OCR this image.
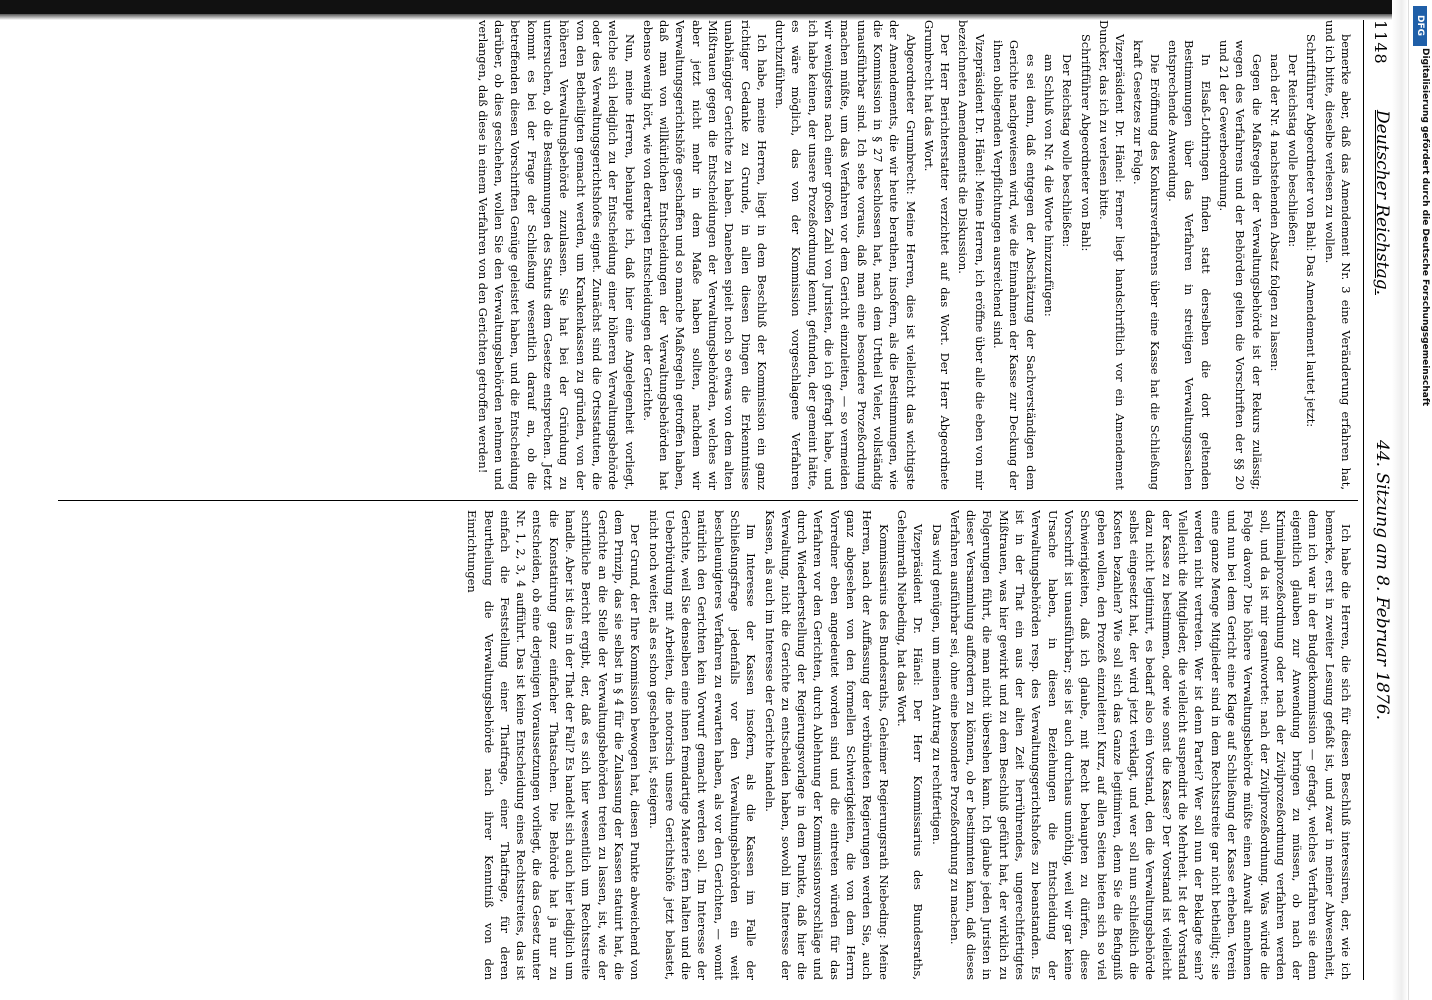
DFG
Digitalisierung gefördert durch die Deutsche Forschungsgemeinschaft
1148
Deutscher Reichstag.
44. Sitzung am 8. Februar 1876.

bemerke aber, daß das Amendement Nr. 3 eine Veränderung erfahren hat, und ich bitte, dieselbe verlesen zu wollen.

Schriftführer Abgeordneter von Bahl: Das Amendement lautet jetzt:

Der Reichstag wolle beschließen:

nach der Nr. 4 nachstehenden Absatz folgen zu lassen:

Gegen die Maßregeln der Verwaltungsbehörde ist der Rekurs zulässig; wegen des Verfahrens und der Behörden gelten die Vorschriften der §§ 20 und 21 der Gewerbeordnung.

In Elsaß-Lothringen finden statt derselben die dort geltenden Bestimmungen über das Verfahren in streitigen Verwaltungssachen entsprechende Anwendung.

Die Eröffnung des Konkursverfahrens über eine Kasse hat die Schließung kraft Gesetzes zur Folge.

Vizepräsident Dr. Hänel: Ferner liegt handschriftlich vor ein Amendement Duncker, das ich zu verlesen bitte.

Schriftführer Abgeordneter von Bahl:

Der Reichstag wolle beschließen:

am Schluß von Nr. 4 die Worte hinzuzufügen:

es sei denn, daß entgegen der Abschätzung der Sachverständigen dem Gerichte nachgewiesen wird, wie die Einnahmen der Kasse zur Deckung der ihnen obliegenden Verpflichtungen ausreichend sind.

Vizepräsident Dr. Hänel: Meine Herren, ich eröffne über alle die eben von mir bezeichneten Amendements die Diskussion.

Der Herr Berichterstatter verzichtet auf das Wort. Der Herr Abgeordnete Grumbrecht hat das Wort.

Abgeordneter Grumbrecht: Meine Herren, dies ist vielleicht das wichtigste der Amendements, die wir heute berathen, insofern, als die Bestimmungen, wie die Kommission in § 27 beschlossen hat, nach dem Urtheil Vieler, vollständig unausführbar sind. Ich sehe voraus, daß man eine besondere Prozeßordnung machen müßte, um das Verfahren vor dem Gericht einzuleiten, — so vermeiden wir wenigstens nach einer großen Zahl von Juristen, die ich gefragt habe, und ich habe keinen, der unsere Prozeßordnung kennt, gefunden, der gemeint hätte, es wäre möglich, das von der Kommission vorgeschlagene Verfahren durchzuführen.

Ich habe, meine Herren, liegt in dem Beschluß der Kommission ein ganz richtiger Gedanke zu Grunde, in allen diesen Dingen die Erkenntnisse unabhängiger Gerichte zu haben. Daneben spielt noch so etwas von dem alten Mißtrauen gegen die Entscheidungen der Verwaltungsbehörden, welches wir aber jetzt nicht mehr in dem Maße haben sollten, nachdem wir Verwaltungsgerichtshöfe geschaffen und so manche Maßregeln getroffen haben, daß man von willkürlichen Entscheidungen der Verwaltungsbehörden hat ebenso wenig hört, wie von derartigen Entscheidungen der Gerichte.

Nun, meine Herren, behaupte ich, daß hier eine Angelegenheit vorliegt, welche sich lediglich zu der Entscheidung einer höheren Verwaltungsbehörde oder des Verwaltungsgerichtshofes eignet. Zunächst sind die Ortsstatuten, die von den Betheiligten gemacht werden, um Krankenkassen zu gründen, von der höheren Verwaltungsbehörde zuzulassen. Sie hat bei der Gründung zu untersuchen, ob die Bestimmungen des Statuts dem Gesetze entsprechen. Jetzt kommt es bei der Frage der Schließung wesentlich darauf an, ob die betreffenden diesen Vorschriften Genüge geleistet haben, und die Entscheidung darüber, ob dies geschehen, wollen Sie den Verwaltungsbehörden nehmen und verlangen, daß diese in einem Verfahren von den Gerichten getroffen werden!

Ich habe die Herren, die sich für diesen Beschluß interessiren, der, wie ich bemerke, erst in zweiter Lesung gefaßt ist, und zwar in meiner Abwesenheit, denn ich war in der Budgetkommission — gefragt, welches Verfahren sie denn eigentlich glauben zur Anwendung bringen zu müssen, ob nach der Kriminalprozeßordnung oder nach der Zivilprozeßordnung verfahren werden soll, und da ist mir geantwortet: nach der Zivilprozeßordnung. Was würde die Folge davon? Die höhere Verwaltungsbehörde müßte einen Anwalt annehmen und nun bei dem Gericht eine Klage auf Schließung der Kasse erheben. Verein eine ganze Menge Mitglieder sind in dem Rechtsstreite gar nicht betheiligt; sie werden nicht vertreten. Wer ist denn Partei? Wer soll nun der Beklagte sein? Vielleicht die Mitglieder, die vielleicht suspendirt die Mehrheit. Ist der Vorstand der Kasse zu bestimmen, oder wie sonst die Kasse? Der Vorstand ist vielleicht dazu nicht legitimirt, es bedarf also ein Vorstand, den die Verwaltungsbehörde selbst eingesetzt hat, der wird jetzt verklagt, und wer soll nun schließlich die Kosten bezahlen? Wie soll sich das Ganze legitimiren, denn Sie die Befugniß geben wollen, den Prozeß einzuleiten! Kurz, auf allen Seiten bieten sich so viel Schwierigkeiten, daß ich glaube, mit Recht behaupten zu dürfen, diese Vorschrift ist unausführbar; sie ist auch durchaus unnöthig, weil wir gar keine Ursache haben, in diesen Beziehungen die Entscheidung der Verwaltungsbehörden resp. des Verwaltungsgerichtshofes zu beanstanden. Es ist in der That ein aus der alten Zeit herrührendes, ungerechtfertigtes Mißtrauen, was hier gewirkt und zu dem Beschluß geführt hat, der wirklich zu Folgerungen führt, die man nicht übersehen kann. Ich glaube jeden Juristen in dieser Versammlung auffordern zu können, ob er bestimmten kann, daß dieses Verfahren ausführbar sei, ohne eine besondere Prozeßordnung zu machen.

Das wird genügen, um meinen Antrag zu rechtfertigen.

Vizepräsident Dr. Hänel: Der Herr Kommissarius des Bundesraths, Geheimrath Niebeding, hat das Wort.

Kommissarius des Bundesraths, Geheimer Regierungsrath Niebeding: Meine Herren, nach der Auffassung der verbündeten Regierungen werden Sie, auch ganz abgesehen von den formellen Schwierigkeiten, die von dem Herrn Vorredner eben angedeutet worden sind und die eintreten würden für das Verfahren vor den Gerichten, durch Ablehnung der Kommissionsvorschläge und durch Wiederherstellung der Regierungsvorlage in dem Punkte, daß hier die Verwaltung, nicht die Gerichte zu entscheiden haben, sowohl im Interesse der Kassen, als auch im Interesse der Gerichte handeln.

Im Interesse der Kassen insofern, als die Kassen im Falle der Schließungsfrage jedenfalls vor den Verwaltungsbehörden ein weit beschleunigteres Verfahren zu erwarten haben, als vor den Gerichten, — womit natürlich den Gerichten kein Vorwurf gemacht werden soll. Im Interesse der Gerichte, weil Sie denselben eine ihnen fremdartige Materie fern halten und die Ueberbürdung mit Arbeiten, die notorisch unsere Gerichtshöfe jetzt belastet, nicht noch weiter, als es schon geschehen ist, steigern.

Der Grund, der Ihre Kommission bewogen hat, diesen Punkte abweichend von dem Prinzip, das sie selbst in § 4 für die Zulassung der Kassen statuirt hat, die Gerichte an die Stelle der Verwaltungsbehörden treten zu lassen, ist, wie der schriftliche Bericht ergibt, der, daß es sich hier wesentlich um Rechtsstreite handle. Aber ist dies in der That der Fall? Es handelt sich auch hier lediglich um die Konstatirung ganz einfacher Thatsachen. Die Behörde hat ja nur zu entscheiden, ob eine derjenigen Voraussetzungen vorliegt, die das Gesetz unter Nr. 1, 2, 3, 4 aufführt. Das ist keine Entscheidung eines Rechtsstreites, das ist einfach die Feststellung einer Thatfrage, einer Thatfrage, für deren Beurtheilung die Verwaltungsbehörde nach ihrer Kenntniß von den Einrichtungen
